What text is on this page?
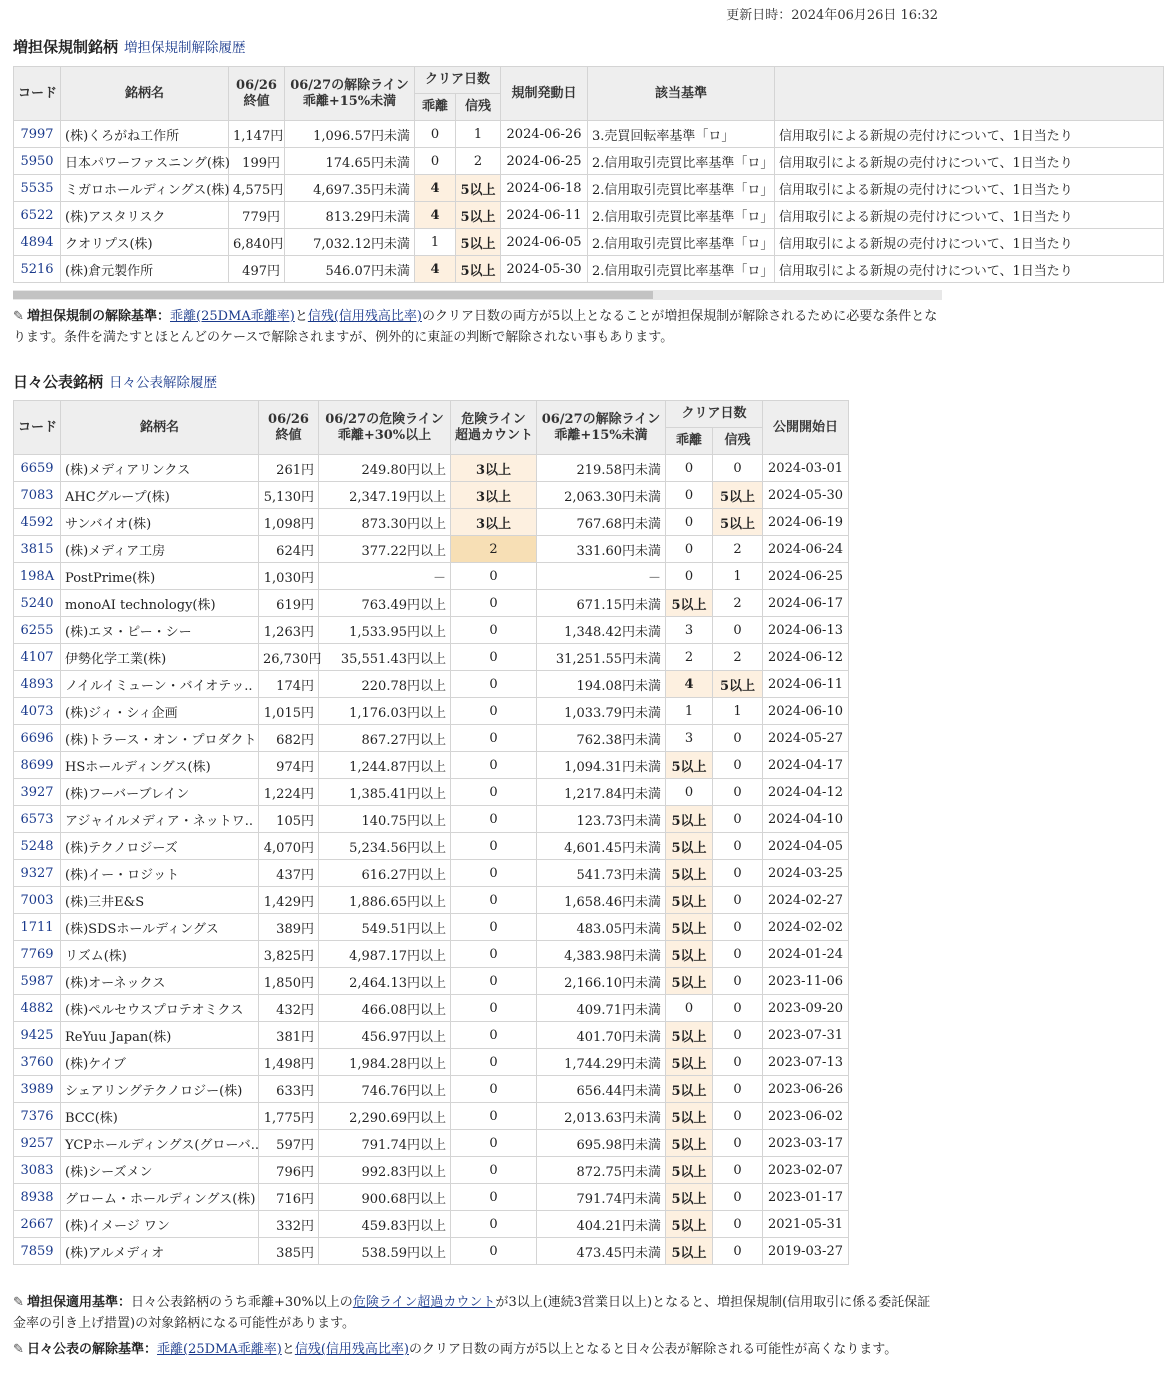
更新日時：2024年06月26日 16:32
増担保規制銘柄 増担保規制解除履歴
コード	銘柄名	06/26
終値	06/27の解除ライン
乖離+15%未満	クリア日数		規制発動日	該当基準	
				乖離	信残			
7997	(株)くろがね工作所	1,147円	1,096.57円未満	0	1	2024-06-26	3.売買回転率基準「ロ」	信用取引による新規の売付けについて、1日当たり
5950	日本パワーファスニング(株)	199円	174.65円未満	0	2	2024-06-25	2.信用取引売買比率基準「ロ」	信用取引による新規の売付けについて、1日当たり
5535	ミガロホールディングス(株)	4,575円	4,697.35円未満	4	5以上	2024-06-18	2.信用取引売買比率基準「ロ」	信用取引による新規の売付けについて、1日当たり
6522	(株)アスタリスク	779円	813.29円未満	4	5以上	2024-06-11	2.信用取引売買比率基準「ロ」	信用取引による新規の売付けについて、1日当たり
4894	クオリプス(株)	6,840円	7,032.12円未満	1	5以上	2024-06-05	2.信用取引売買比率基準「ロ」	信用取引による新規の売付けについて、1日当たり
5216	(株)倉元製作所	497円	546.07円未満	4	5以上	2024-05-30	2.信用取引売買比率基準「ロ」	信用取引による新規の売付けについて、1日当たり
✎ 増担保規制の解除基準：乖離(25DMA乖離率)と信残(信用残高比率)のクリア日数の両方が5以上となることが増担保規制が解除されるために必要な条件となります。条件を満たすとほとんどのケースで解除されますが、例外的に東証の判断で解除されない事もあります。
日々公表銘柄 日々公表解除履歴
コード	銘柄名	06/26
終値	06/27の危険ライン
乖離+30%以上	危険ライン
超過カウント	06/27の解除ライン
乖離+15%未満	クリア日数		公開開始日
						乖離	信残	
6659	(株)メディアリンクス	261円	249.80円以上	3以上	219.58円未満	0	0	2024-03-01
7083	AHCグループ(株)	5,130円	2,347.19円以上	3以上	2,063.30円未満	0	5以上	2024-05-30
4592	サンバイオ(株)	1,098円	873.30円以上	3以上	767.68円未満	0	5以上	2024-06-19
3815	(株)メディア工房	624円	377.22円以上	2	331.60円未満	0	2	2024-06-24
198A	PostPrime(株)	1,030円	－	0	－	0	1	2024-06-25
5240	monoAI technology(株)	619円	763.49円以上	0	671.15円未満	5以上	2	2024-06-17
6255	(株)エヌ・ピー・シー	1,263円	1,533.95円以上	0	1,348.42円未満	3	0	2024-06-13
4107	伊勢化学工業(株)	26,730円	35,551.43円以上	0	31,251.55円未満	2	2	2024-06-12
4893	ノイルイミューン・バイオテッ..	174円	220.78円以上	0	194.08円未満	4	5以上	2024-06-11
4073	(株)ジィ・シィ企画	1,015円	1,176.03円以上	0	1,033.79円未満	1	1	2024-06-10
6696	(株)トラース・オン・プロダクト	682円	867.27円以上	0	762.38円未満	3	0	2024-05-27
8699	HSホールディングス(株)	974円	1,244.87円以上	0	1,094.31円未満	5以上	0	2024-04-17
3927	(株)フーバーブレイン	1,224円	1,385.41円以上	0	1,217.84円未満	0	0	2024-04-12
6573	アジャイルメディア・ネットワ..	105円	140.75円以上	0	123.73円未満	5以上	0	2024-04-10
5248	(株)テクノロジーズ	4,070円	5,234.56円以上	0	4,601.45円未満	5以上	0	2024-04-05
9327	(株)イー・ロジット	437円	616.27円以上	0	541.73円未満	5以上	0	2024-03-25
7003	(株)三井E&S	1,429円	1,886.65円以上	0	1,658.46円未満	5以上	0	2024-02-27
1711	(株)SDSホールディングス	389円	549.51円以上	0	483.05円未満	5以上	0	2024-02-02
7769	リズム(株)	3,825円	4,987.17円以上	0	4,383.98円未満	5以上	0	2024-01-24
5987	(株)オーネックス	1,850円	2,464.13円以上	0	2,166.10円未満	5以上	0	2023-11-06
4882	(株)ペルセウスプロテオミクス	432円	466.08円以上	0	409.71円未満	0	0	2023-09-20
9425	ReYuu Japan(株)	381円	456.97円以上	0	401.70円未満	5以上	0	2023-07-31
3760	(株)ケイブ	1,498円	1,984.28円以上	0	1,744.29円未満	5以上	0	2023-07-13
3989	シェアリングテクノロジー(株)	633円	746.76円以上	0	656.44円未満	5以上	0	2023-06-26
7376	BCC(株)	1,775円	2,290.69円以上	0	2,013.63円未満	5以上	0	2023-06-02
9257	YCPホールディングス(グローバ..	597円	791.74円以上	0	695.98円未満	5以上	0	2023-03-17
3083	(株)シーズメン	796円	992.83円以上	0	872.75円未満	5以上	0	2023-02-07
8938	グローム・ホールディングス(株)	716円	900.68円以上	0	791.74円未満	5以上	0	2023-01-17
2667	(株)イメージ ワン	332円	459.83円以上	0	404.21円未満	5以上	0	2021-05-31
7859	(株)アルメディオ	385円	538.59円以上	0	473.45円未満	5以上	0	2019-03-27
✎ 増担保適用基準：日々公表銘柄のうち乖離+30%以上の危険ライン超過カウントが3以上(連続3営業日以上)となると、増担保規制(信用取引に係る委託保証金率の引き上げ措置)の対象銘柄になる可能性があります。
✎ 日々公表の解除基準：乖離(25DMA乖離率)と信残(信用残高比率)のクリア日数の両方が5以上となると日々公表が解除される可能性が高くなります。
